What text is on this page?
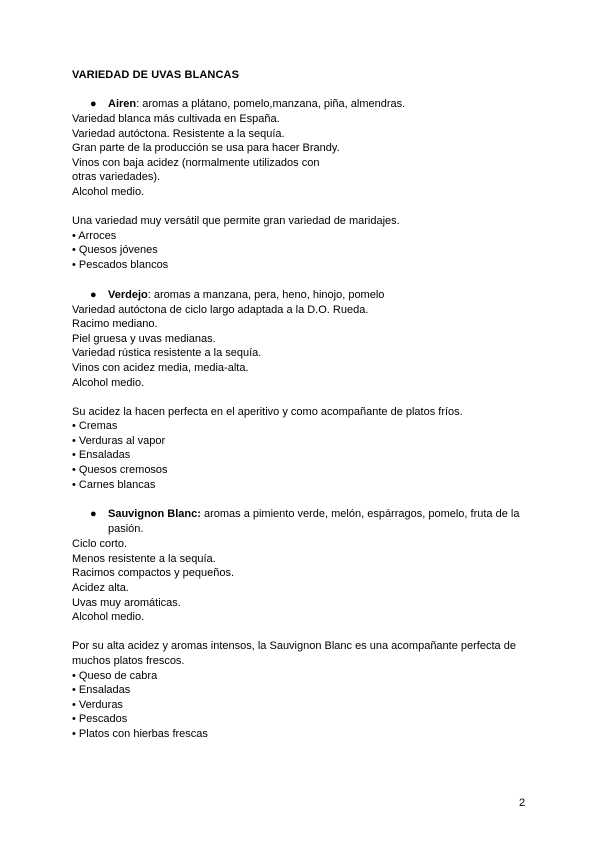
VARIEDAD DE UVAS BLANCAS
●	Airen: aromas a plátano, pomelo,manzana, piña, almendras.

Variedad blanca más cultivada en España.

Variedad autóctona. Resistente a la sequía.

Gran parte de la producción se usa para hacer Brandy.

Vinos con baja acidez (normalmente utilizados con

otras variedades).

Alcohol medio.

Una variedad muy versátil que permite gran variedad de maridajes.

• Arroces

• Quesos jóvenes

• Pescados blancos

●	Verdejo: aromas a manzana, pera, heno, hinojo, pomelo

Variedad autóctona de ciclo largo adaptada a la D.O. Rueda.

Racimo mediano.

Piel gruesa y uvas medianas.

Variedad rústica resistente a la sequía.

Vinos con acidez media, media-alta.

Alcohol medio.

Su acidez la hacen perfecta en el aperitivo y como acompañante de platos fríos.

• Cremas

• Verduras al vapor

• Ensaladas

• Quesos cremosos

• Carnes blancas

●	Sauvignon Blanc: aromas a pimiento verde, melón, espárragos, pomelo, fruta de la pasión.

Ciclo corto.

Menos resistente a la sequía.

Racimos compactos y pequeños.

Acidez alta.

Uvas muy aromáticas.

Alcohol medio.

Por su alta acidez y aromas intensos, la Sauvignon Blanc es una acompañante perfecta de

muchos platos frescos.

• Queso de cabra

• Ensaladas

• Verduras

• Pescados

• Platos con hierbas frescas

2
